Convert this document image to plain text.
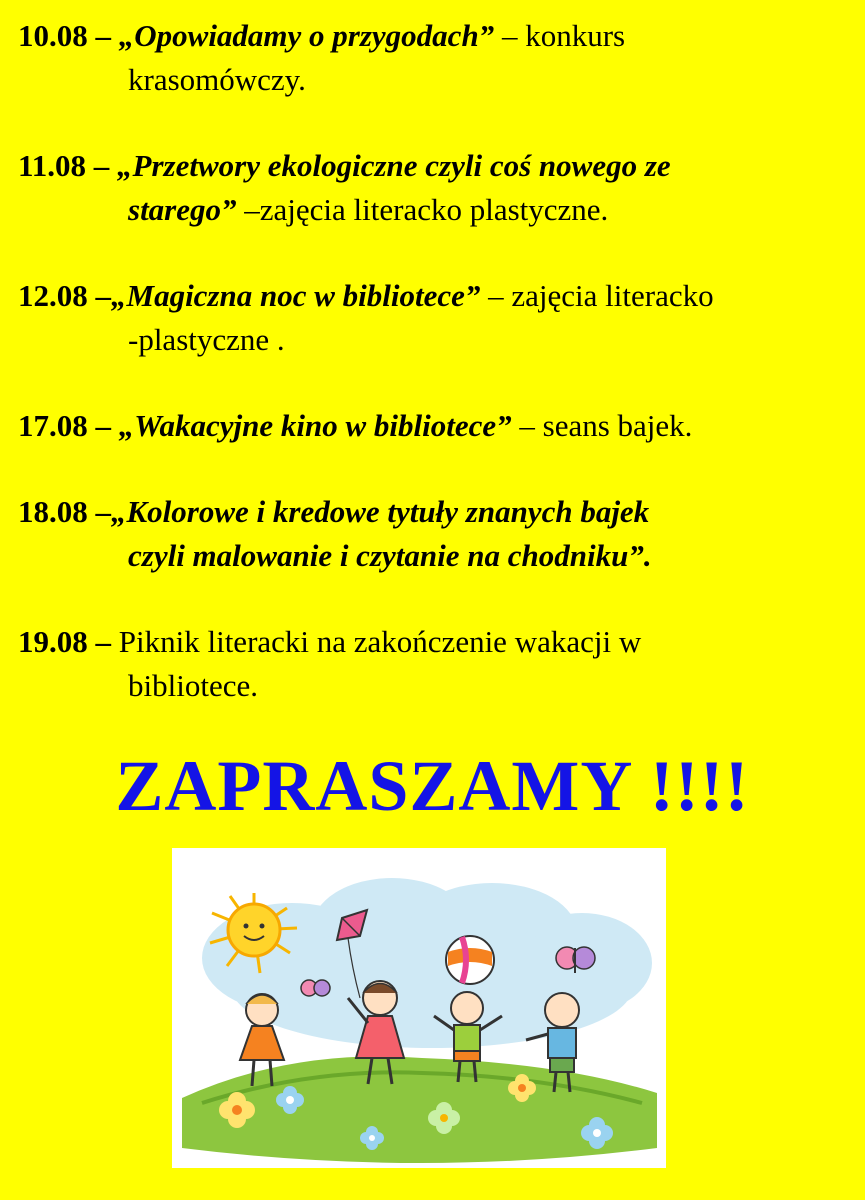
10.08 – „Opowiadamy o przygodach” – konkurs
krasomówczy.
11.08 – „Przetwory ekologiczne czyli coś nowego ze
starego” –zajęcia literacko plastyczne.
12.08 –„Magiczna noc w bibliotece” – zajęcia literacko
-plastyczne .
17.08 – „Wakacyjne kino w bibliotece” – seans bajek.
18.08 –„Kolorowe i kredowe tytuły znanych bajek
czyli malowanie i czytanie na chodniku”.
19.08 – Piknik literacki na zakończenie wakacji w
bibliotece.
ZAPRASZAMY !!!!
